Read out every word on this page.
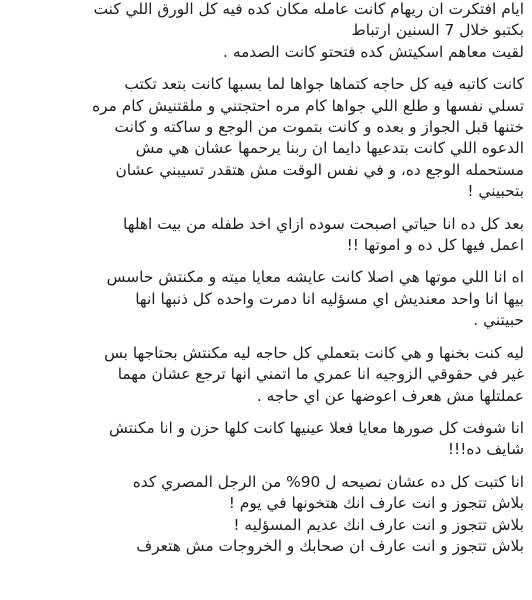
ايام افتكرت ان ريهام كانت عامله مكان كده فيه كل الورق اللي كنت
بكتبو خلال 7 السنين ارتباط
لقيت معاهم اسكيتش كده فتحتو كانت الصدمه .

كانت كاتبه فيه كل حاجه كتماها جواها لما بسبها كانت بتعد تكتب
تسلي نفسها و طلع اللي جواها كام مره احتجتني و ملقتنيش كام مره
ختنها قبل الجواز و بعده و كانت بتموت من الوجع و ساكته و كانت
الدعوه اللي كانت بتدعيها دايما ان ربنا يرحمها عشان هي مش
مستحمله الوجع ده، و في نفس الوقت مش هتقدر تسيبني عشان
بتحبيني !

بعد كل ده انا حياتي اصبحت سوده ازاي اخد طفله من بيت اهلها
اعمل فيها كل ده و اموتها !!

اه انا اللي موتها هي اصلا كانت عايشه معايا ميته و مكنتش حاسس
بيها انا واحد معنديش اي مسؤليه انا دمرت واحده كل ذنبها انها
حبيتني .

ليه كنت بخنها و هي كانت بتعملي كل حاجه ليه مكنتش بحتاجها بس
غير في حقوقي الزوجيه انا عمري ما اتمني انها ترجع عشان مهما
عملتلها مش هعرف اعوضها عن اي حاجه .

انا شوفت كل صورها معايا فعلا عينيها كانت كلها حزن و انا مكنتش
شايف ده!!!

انا كتبت كل ده عشان نصيحه ل 90% من الرجل المصري كده
بلاش تتجوز و انت عارف انك هتخونها في يوم !
بلاش تتجوز و انت عارف انك عديم المسؤليه !
بلاش تتجوز و انت عارف ان صحابك و الخروجات مش هتعرف
